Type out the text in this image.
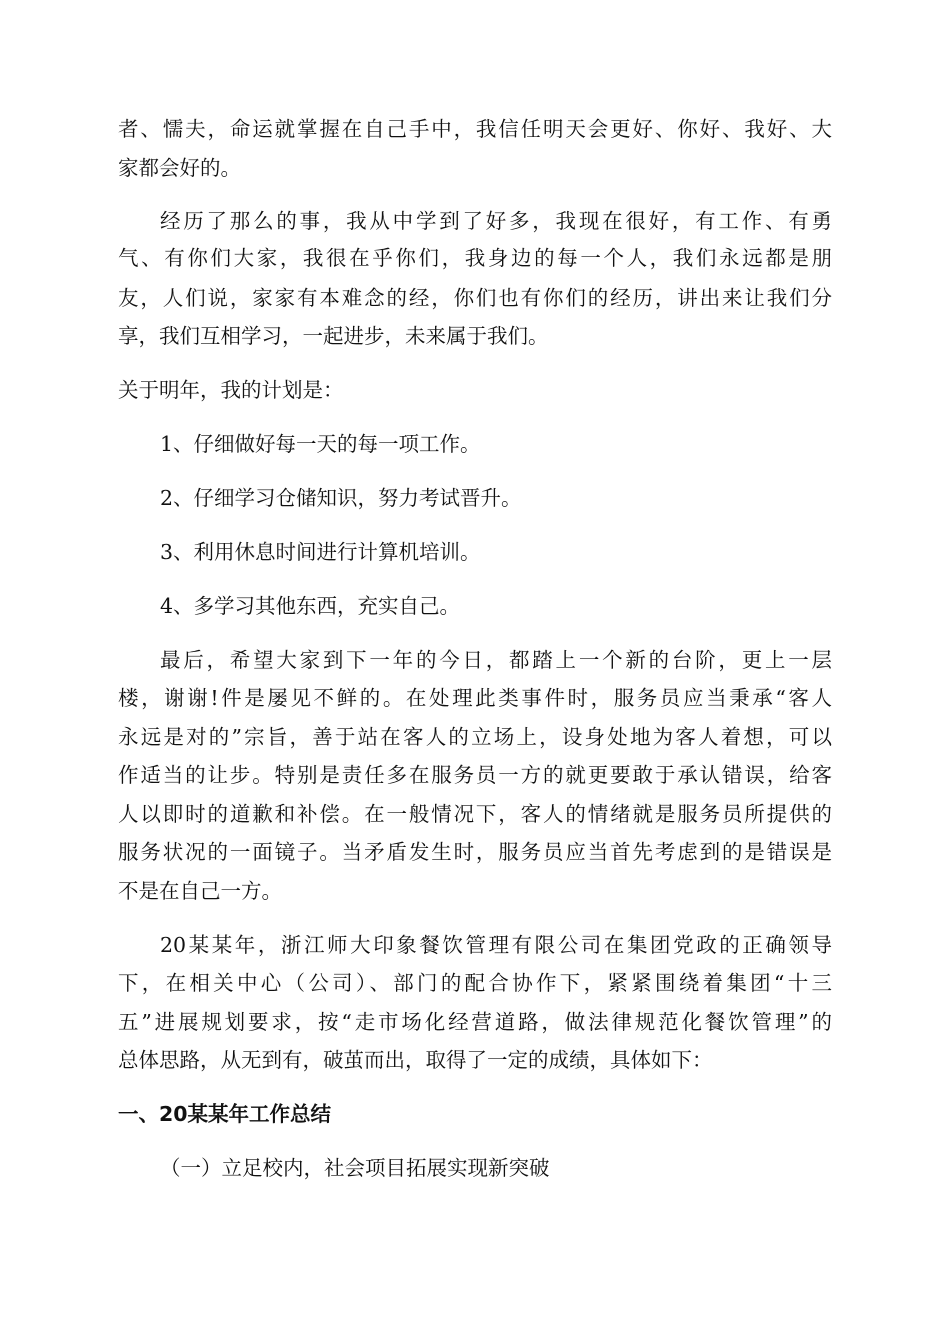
者、懦夫，命运就掌握在自己手中，我信任明天会更好、你好、我好、大
家都会好的。
经历了那么的事，我从中学到了好多，我现在很好，有工作、有勇
气、有你们大家，我很在乎你们，我身边的每一个人，我们永远都是朋
友，人们说，家家有本难念的经，你们也有你们的经历，讲出来让我们分
享，我们互相学习，一起进步，未来属于我们。
关于明年，我的计划是：
1、仔细做好每一天的每一项工作。
2、仔细学习仓储知识，努力考试晋升。
3、利用休息时间进行计算机培训。
4、多学习其他东西，充实自己。
最后，希望大家到下一年的今日，都踏上一个新的台阶，更上一层
楼，谢谢!件是屡见不鲜的。在处理此类事件时，服务员应当秉承“客人
永远是对的”宗旨，善于站在客人的立场上，设身处地为客人着想，可以
作适当的让步。特别是责任多在服务员一方的就更要敢于承认错误，给客
人以即时的道歉和补偿。在一般情况下，客人的情绪就是服务员所提供的
服务状况的一面镜子。当矛盾发生时，服务员应当首先考虑到的是错误是
不是在自己一方。
20某某年，浙江师大印象餐饮管理有限公司在集团党政的正确领导
下，在相关中心（公司）、部门的配合协作下，紧紧围绕着集团“十三
五”进展规划要求，按“走市场化经营道路，做法律规范化餐饮管理”的
总体思路，从无到有，破茧而出，取得了一定的成绩，具体如下：
一、20某某年工作总结
（一）立足校内，社会项目拓展实现新突破
